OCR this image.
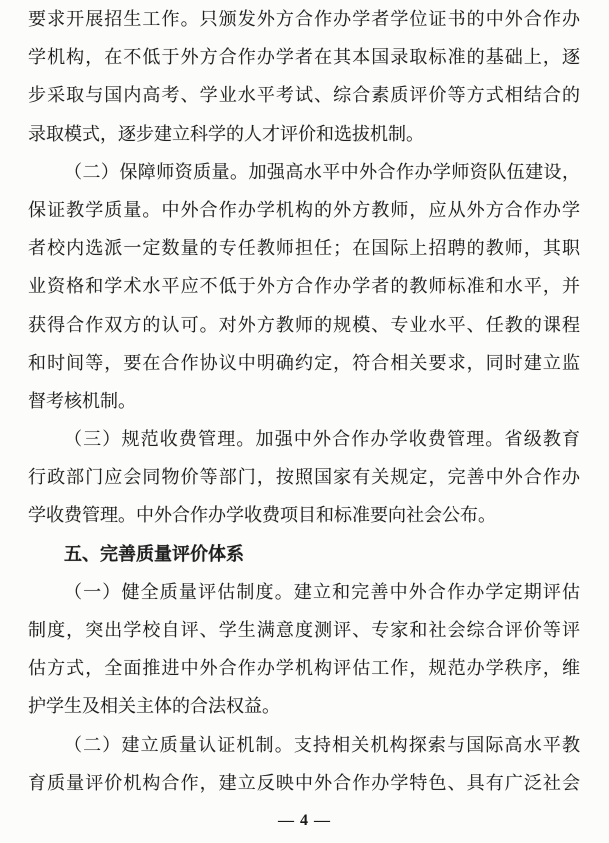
要求开展招生工作。只颁发外方合作办学者学位证书的中外合作办
学机构，在不低于外方合作办学者在其本国录取标准的基础上，逐
步采取与国内高考、学业水平考试、综合素质评价等方式相结合的
录取模式，逐步建立科学的人才评价和选拔机制。
（二）保障师资质量。加强高水平中外合作办学师资队伍建设，
保证教学质量。中外合作办学机构的外方教师，应从外方合作办学
者校内选派一定数量的专任教师担任；在国际上招聘的教师，其职
业资格和学术水平应不低于外方合作办学者的教师标准和水平，并
获得合作双方的认可。对外方教师的规模、专业水平、任教的课程
和时间等，要在合作协议中明确约定，符合相关要求，同时建立监
督考核机制。
（三）规范收费管理。加强中外合作办学收费管理。省级教育
行政部门应会同物价等部门，按照国家有关规定，完善中外合作办
学收费管理。中外合作办学收费项目和标准要向社会公布。
五、完善质量评价体系
（一）健全质量评估制度。建立和完善中外合作办学定期评估
制度，突出学校自评、学生满意度测评、专家和社会综合评价等评
估方式，全面推进中外合作办学机构评估工作，规范办学秩序，维
护学生及相关主体的合法权益。
（二）建立质量认证机制。支持相关机构探索与国际高水平教
育质量评价机构合作，建立反映中外合作办学特色、具有广泛社会
— 4 —
